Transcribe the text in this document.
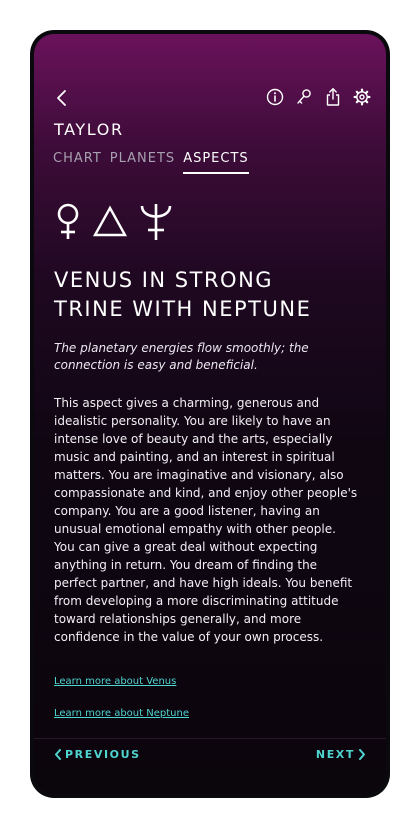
TAYLOR
CHART PLANETS ASPECTS
VENUS IN STRONG
TRINE WITH NEPTUNE
The planetary energies flow smoothly; the connection is easy and beneficial.
This aspect gives a charming, generous and idealistic personality. You are likely to have an intense love of beauty and the arts, especially music and painting, and an interest in spiritual matters. You are imaginative and visionary, also compassionate and kind, and enjoy other people's company. You are a good listener, having an unusual emotional empathy with other people. You can give a great deal without expecting anything in return. You dream of finding the perfect partner, and have high ideals. You benefit from developing a more discriminating attitude toward relationships generally, and more confidence in the value of your own process.
Learn more about Venus
Learn more about Neptune
PREVIOUS	NEXT
